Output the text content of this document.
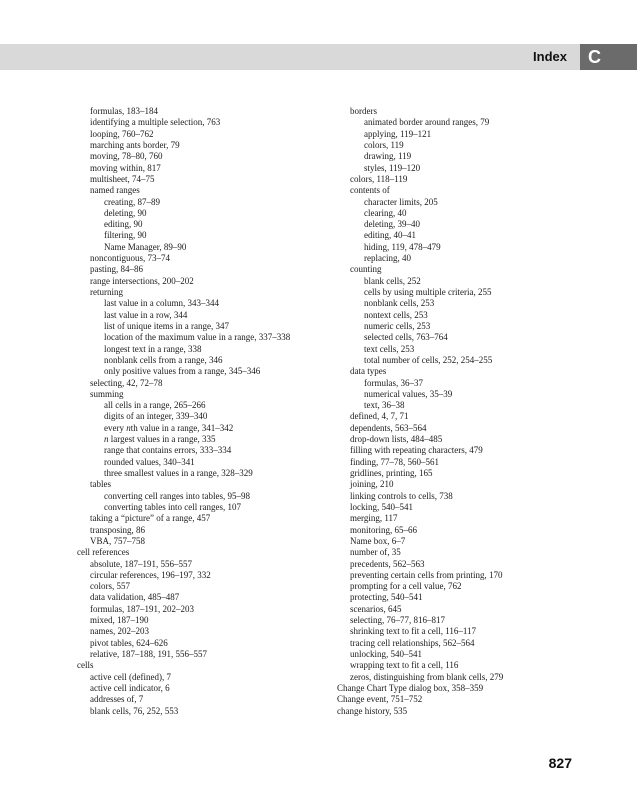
Index	C
formulas, 183–184
identifying a multiple selection, 763
looping, 760–762
marching ants border, 79
moving, 78–80, 760
moving within, 817
multisheet, 74–75
named ranges
creating, 87–89
deleting, 90
editing, 90
filtering, 90
Name Manager, 89–90
noncontiguous, 73–74
pasting, 84–86
range intersections, 200–202
returning
last value in a column, 343–344
last value in a row, 344
list of unique items in a range, 347
location of the maximum value in a range, 337–338
longest text in a range, 338
nonblank cells from a range, 346
only positive values from a range, 345–346
selecting, 42, 72–78
summing
all cells in a range, 265–266
digits of an integer, 339–340
every nth value in a range, 341–342
n largest values in a range, 335
range that contains errors, 333–334
rounded values, 340–341
three smallest values in a range, 328–329
tables
converting cell ranges into tables, 95–98
converting tables into cell ranges, 107
taking a “picture” of a range, 457
transposing, 86
VBA, 757–758
cell references
absolute, 187–191, 556–557
circular references, 196–197, 332
colors, 557
data validation, 485–487
formulas, 187–191, 202–203
mixed, 187–190
names, 202–203
pivot tables, 624–626
relative, 187–188, 191, 556–557
cells
active cell (defined), 7
active cell indicator, 6
addresses of, 7
blank cells, 76, 252, 553
borders
animated border around ranges, 79
applying, 119–121
colors, 119
drawing, 119
styles, 119–120
colors, 118–119
contents of
character limits, 205
clearing, 40
deleting, 39–40
editing, 40–41
hiding, 119, 478–479
replacing, 40
counting
blank cells, 252
cells by using multiple criteria, 255
nonblank cells, 253
nontext cells, 253
numeric cells, 253
selected cells, 763–764
text cells, 253
total number of cells, 252, 254–255
data types
formulas, 36–37
numerical values, 35–39
text, 36–38
defined, 4, 7, 71
dependents, 563–564
drop-down lists, 484–485
filling with repeating characters, 479
finding, 77–78, 560–561
gridlines, printing, 165
joining, 210
linking controls to cells, 738
locking, 540–541
merging, 117
monitoring, 65–66
Name box, 6–7
number of, 35
precedents, 562–563
preventing certain cells from printing, 170
prompting for a cell value, 762
protecting, 540–541
scenarios, 645
selecting, 76–77, 816–817
shrinking text to fit a cell, 116–117
tracing cell relationships, 562–564
unlocking, 540–541
wrapping text to fit a cell, 116
zeros, distinguishing from blank cells, 279
Change Chart Type dialog box, 358–359
Change event, 751–752
change history, 535
827
